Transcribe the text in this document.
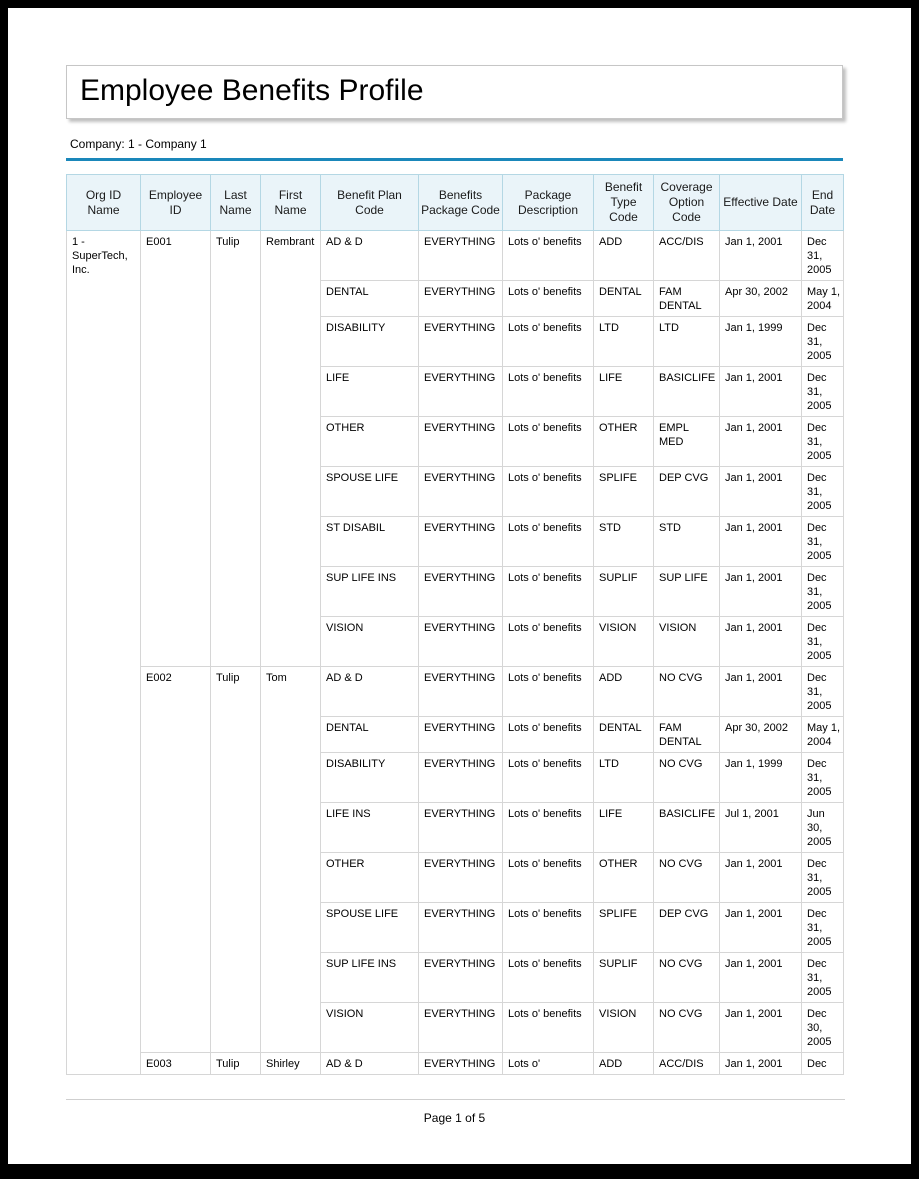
Employee Benefits Profile
Company: 1 - Company 1
Org ID Name	Employee ID	Last Name	First Name	Benefit Plan Code	Benefits Package Code	Package Description	Benefit Type Code	Coverage Option Code	Effective Date	End Date
1 - SuperTech, Inc.	E001	Tulip	Rembrant	AD & D	EVERYTHING	Lots o' benefits	ADD	ACC/DIS	Jan 1, 2001	Dec 31, 2005
				DENTAL	EVERYTHING	Lots o' benefits	DENTAL	FAM DENTAL	Apr 30, 2002	May 1, 2004
				DISABILITY	EVERYTHING	Lots o' benefits	LTD	LTD	Jan 1, 1999	Dec 31, 2005
				LIFE	EVERYTHING	Lots o' benefits	LIFE	BASICLIFE	Jan 1, 2001	Dec 31, 2005
				OTHER	EVERYTHING	Lots o' benefits	OTHER	EMPL MED	Jan 1, 2001	Dec 31, 2005
				SPOUSE LIFE	EVERYTHING	Lots o' benefits	SPLIFE	DEP CVG	Jan 1, 2001	Dec 31, 2005
				ST DISABIL	EVERYTHING	Lots o' benefits	STD	STD	Jan 1, 2001	Dec 31, 2005
				SUP LIFE INS	EVERYTHING	Lots o' benefits	SUPLIF	SUP LIFE	Jan 1, 2001	Dec 31, 2005
				VISION	EVERYTHING	Lots o' benefits	VISION	VISION	Jan 1, 2001	Dec 31, 2005
	E002	Tulip	Tom	AD & D	EVERYTHING	Lots o' benefits	ADD	NO CVG	Jan 1, 2001	Dec 31, 2005
				DENTAL	EVERYTHING	Lots o' benefits	DENTAL	FAM DENTAL	Apr 30, 2002	May 1, 2004
				DISABILITY	EVERYTHING	Lots o' benefits	LTD	NO CVG	Jan 1, 1999	Dec 31, 2005
				LIFE INS	EVERYTHING	Lots o' benefits	LIFE	BASICLIFE	Jul 1, 2001	Jun 30, 2005
				OTHER	EVERYTHING	Lots o' benefits	OTHER	NO CVG	Jan 1, 2001	Dec 31, 2005
				SPOUSE LIFE	EVERYTHING	Lots o' benefits	SPLIFE	DEP CVG	Jan 1, 2001	Dec 31, 2005
				SUP LIFE INS	EVERYTHING	Lots o' benefits	SUPLIF	NO CVG	Jan 1, 2001	Dec 31, 2005
				VISION	EVERYTHING	Lots o' benefits	VISION	NO CVG	Jan 1, 2001	Dec 30, 2005
	E003	Tulip	Shirley	AD & D	EVERYTHING	Lots o'	ADD	ACC/DIS	Jan 1, 2001	Dec
Page 1 of 5
